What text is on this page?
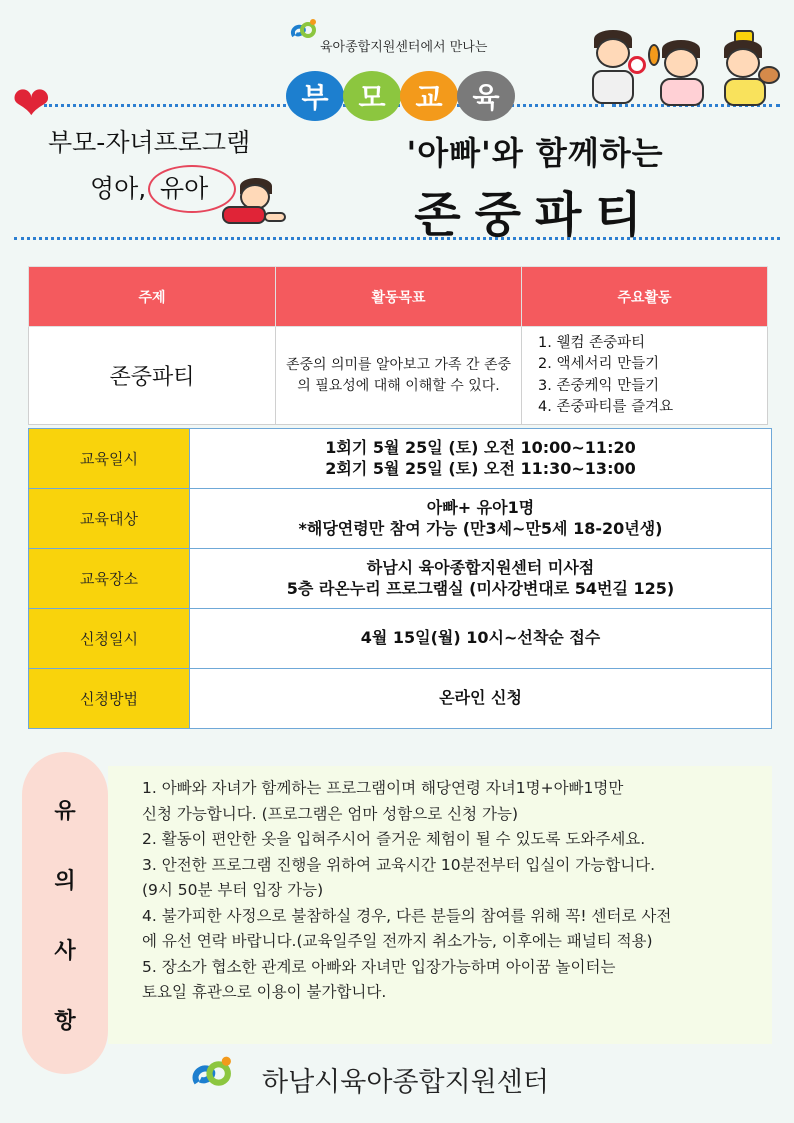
육아종합지원센터에서 만나는
❤	부 모 교 육
부모-자녀프로그램
영아, 유아
'아빠'와 함께하는
존중파티
주제	활동목표	주요활동
존중파티	존중의 의미를 알아보고 가족 간 존중의 필요성에 대해 이해할 수 있다.	1. 웰컴 존중파티
2. 액세서리 만들기
3. 존중케익 만들기
4. 존중파티를 즐겨요
교육일시	1회기 5월 25일 (토) 오전 10:00~11:20
2회기 5월 25일 (토) 오전 11:30~13:00

교육대상	아빠+ 유아1명
*해당연령만 참여 가능 (만3세~만5세 18-20년생)

교육장소	하남시 육아종합지원센터 미사점
5층 라온누리 프로그램실 (미사강변대로 54번길 125)

신청일시	4월 15일(월) 10시~선착순 접수
신청방법	온라인 신청
유
의
사
항

1. 아빠와 자녀가 함께하는 프로그램이며 해당연령 자녀1명+아빠1명만

신청 가능합니다. (프로그램은 엄마 성함으로 신청 가능)

2. 활동이 편안한 옷을 입혀주시어 즐거운 체험이 될 수 있도록 도와주세요.

3. 안전한 프로그램 진행을 위하여 교육시간 10분전부터 입실이 가능합니다.

(9시 50분 부터 입장 가능)

4. 불가피한 사정으로 불참하실 경우, 다른 분들의 참여를 위해 꼭! 센터로 사전

에 유선 연락 바랍니다.(교육일주일 전까지 취소가능, 이후에는 패널티 적용)

5. 장소가 협소한 관계로 아빠와 자녀만 입장가능하며 아이꿈 놀이터는

토요일 휴관으로 이용이 불가합니다.

하남시육아종합지원센터
